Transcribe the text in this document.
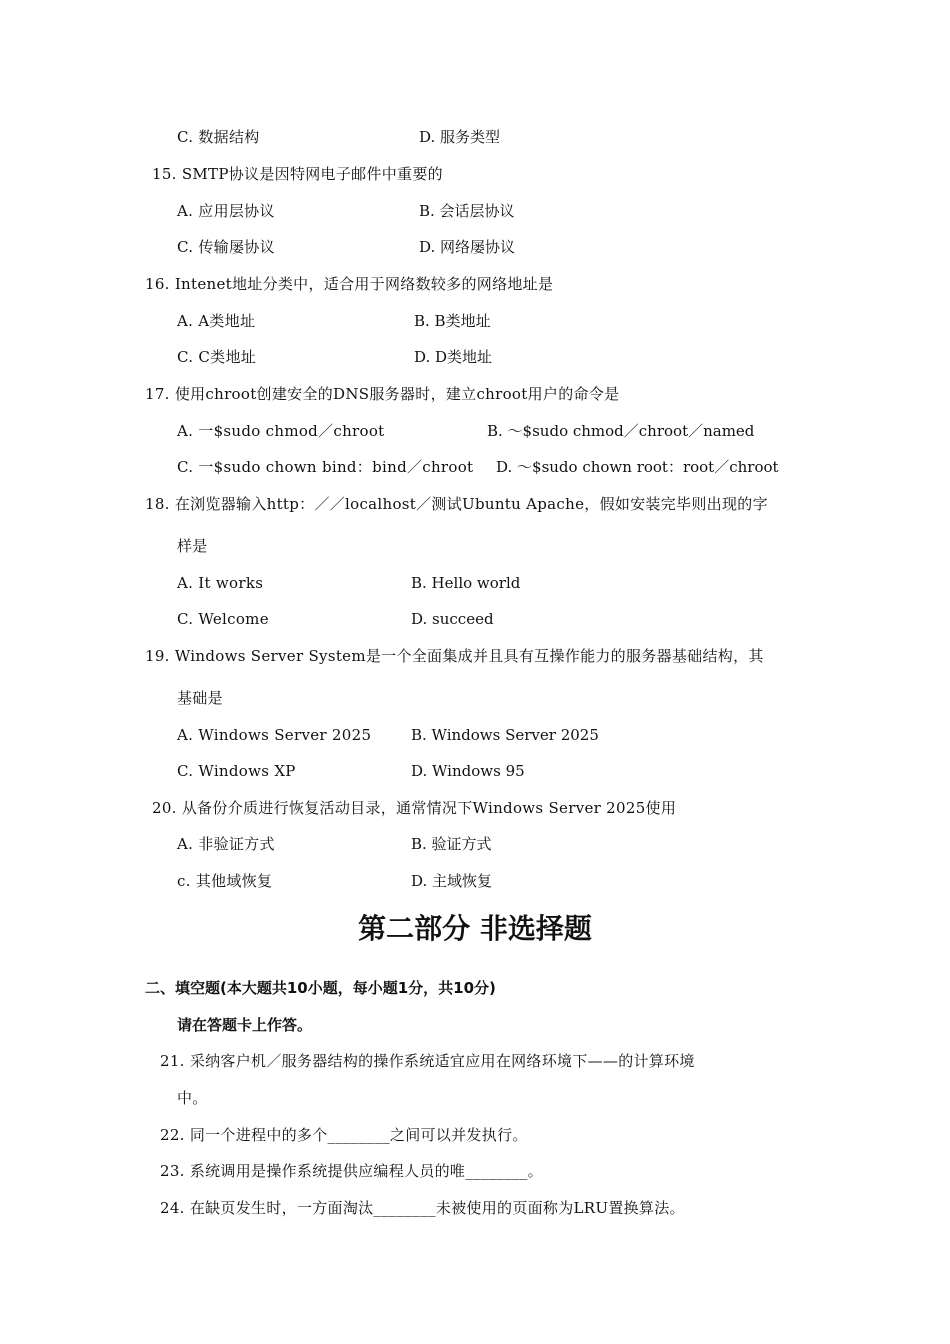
C. 数据结构	D. 服务类型
15. SMTP协议是因特网电子邮件中重要的
A. 应用层协议	B. 会话层协议
C. 传输屡协议	D. 网络屡协议
16. Intenet地址分类中，适合用于网络数较多的网络地址是
A. A类地址	B. B类地址
C. C类地址	D. D类地址
17. 使用chroot创建安全的DNS服务器时，建立chroot用户的命令是
A. 一$sudo chmod／chroot	B. ～$sudo chmod／chroot／named
C. 一$sudo chown bind：bind／chroot D. ～$sudo chown root：root／chroot
18. 在浏览器输入http：／／localhost／测试Ubuntu Apache，假如安装完毕则出现的字
样是
A. It works	B. Hello world
C. Welcome	D. succeed
19. Windows Server System是一个全面集成并且具有互操作能力的服务器基础结构，其
基础是
A. Windows Server 2025	B. Windows Server 2025
C. Windows XP	D. Windows 95
20. 从备份介质进行恢复活动目录，通常情况下Windows Server 2025使用
A. 非验证方式	B. 验证方式
c. 其他域恢复	D. 主域恢复
第二部分 非选择题
二、填空题(本大题共10小题，每小题1分，共10分)
请在答题卡上作答。
21. 采纳客户机／服务器结构的操作系统适宜应用在网络环境下——的计算环境
中。
22. 同一个进程中的多个________之间可以并发执行。
23. 系统调用是操作系统提供应编程人员的唯________。
24. 在缺页发生时，一方面淘汰________未被使用的页面称为LRU置换算法。
